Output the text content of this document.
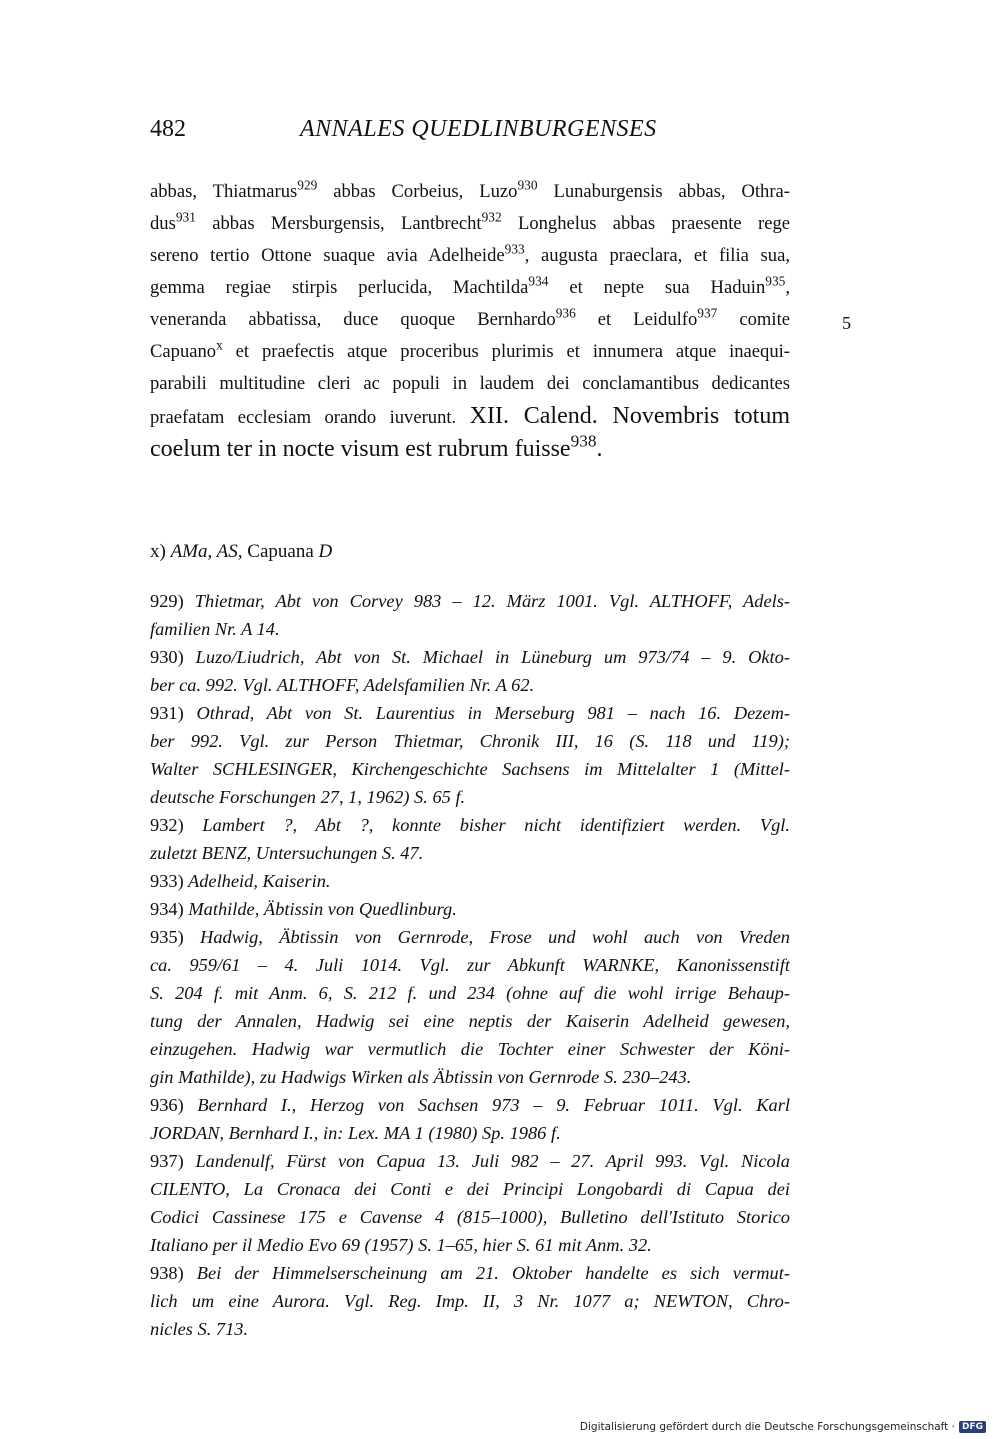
482	ANNALES QUEDLINBURGENSES
abbas, Thiatmarus$^{929}$ abbas Corbeius, Luzo$^{930}$ Lunaburgensis abbas, Othra-
dus$^{931}$ abbas Mersburgensis, Lantbrecht$^{932}$ Longhelus abbas praesente rege
sereno tertio Ottone suaque avia Adelheide$^{933}$, augusta praeclara, et filia sua,
gemma regiae stirpis perlucida, Machtilda$^{934}$ et nepte sua Haduin$^{935}$,
veneranda abbatissa, duce quoque Bernhardo$^{936}$ et Leidulfo$^{937}$ comite
Capuano$^x$ et praefectis atque proceribus plurimis et innumera atque inaequi-
parabili multitudine cleri ac populi in laudem dei conclamantibus dedicantes
praefatam ecclesiam orando iuverunt. XII. Calend. Novembris totum
coelum ter in nocte visum est rubrum fuisse$^{938}$.
5
x) AMa, AS, Capuana D
929) Thietmar, Abt von Corvey 983 – 12. März 1001. Vgl. ALTHOFF, Adels-
familien Nr. A 14.
930) Luzo/Liudrich, Abt von St. Michael in Lüneburg um 973/74 – 9. Okto-
ber ca. 992. Vgl. ALTHOFF, Adelsfamilien Nr. A 62.
931) Othrad, Abt von St. Laurentius in Merseburg 981 – nach 16. Dezem-
ber 992. Vgl. zur Person Thietmar, Chronik III, 16 (S. 118 und 119);
Walter SCHLESINGER, Kirchengeschichte Sachsens im Mittelalter 1 (Mittel-
deutsche Forschungen 27, 1, 1962) S. 65 f.
932) Lambert ?, Abt ?, konnte bisher nicht identifiziert werden. Vgl.
zuletzt BENZ, Untersuchungen S. 47.
933) Adelheid, Kaiserin.
934) Mathilde, Äbtissin von Quedlinburg.
935) Hadwig, Äbtissin von Gernrode, Frose und wohl auch von Vreden
ca. 959/61 – 4. Juli 1014. Vgl. zur Abkunft WARNKE, Kanonissenstift
S. 204 f. mit Anm. 6, S. 212 f. und 234 (ohne auf die wohl irrige Behaup-
tung der Annalen, Hadwig sei eine neptis der Kaiserin Adelheid gewesen,
einzugehen. Hadwig war vermutlich die Tochter einer Schwester der Köni-
gin Mathilde), zu Hadwigs Wirken als Äbtissin von Gernrode S. 230–243.
936) Bernhard I., Herzog von Sachsen 973 – 9. Februar 1011. Vgl. Karl
JORDAN, Bernhard I., in: Lex. MA 1 (1980) Sp. 1986 f.
937) Landenulf, Fürst von Capua 13. Juli 982 – 27. April 993. Vgl. Nicola
CILENTO, La Cronaca dei Conti e dei Principi Longobardi di Capua dei
Codici Cassinese 175 e Cavense 4 (815–1000), Bulletino dell'Istituto Storico
Italiano per il Medio Evo 69 (1957) S. 1–65, hier S. 61 mit Anm. 32.
938) Bei der Himmelserscheinung am 21. Oktober handelte es sich vermut-
lich um eine Aurora. Vgl. Reg. Imp. II, 3 Nr. 1077 a; NEWTON, Chro-
nicles S. 713.
Digitalisierung gefördert durch die Deutsche Forschungsgemeinschaft · DFG
